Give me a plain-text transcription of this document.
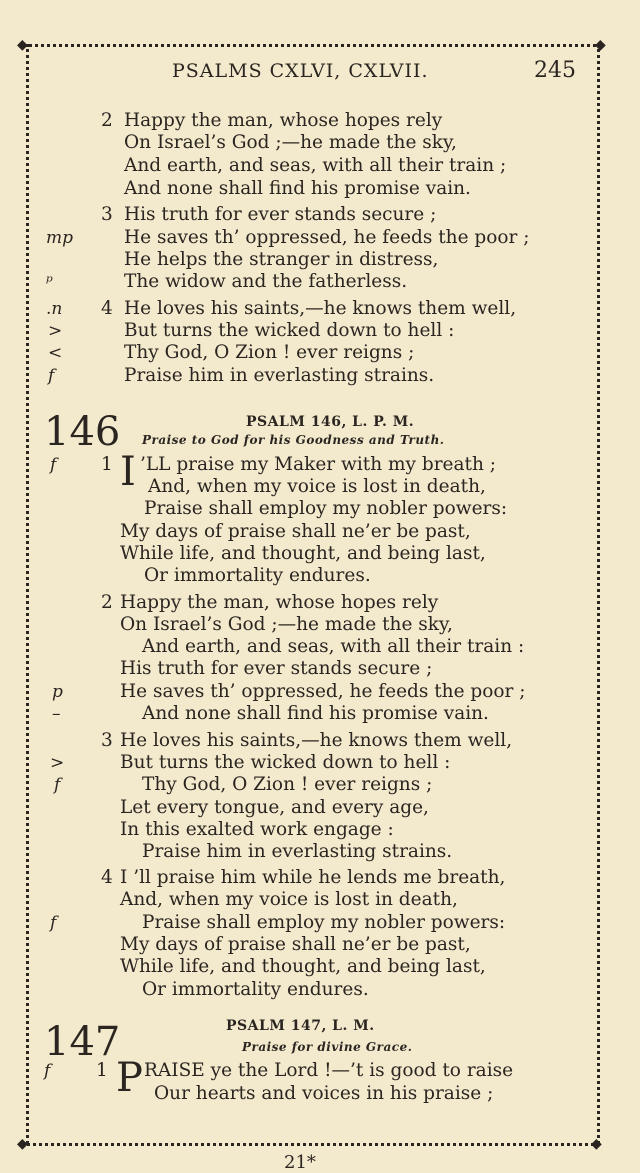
◆	◆
◆	◆
PSALMS CXLVI, CXLVII.	245
2 Happy the man, whose hopes rely
On Israel’s God ;—he made the sky,
And earth, and seas, with all their train ;
And none shall find his promise vain.
3 His truth for ever stands secure ;
mp	He saves th’ oppressed, he feeds the poor ;
He helps the stranger in distress,
ᵖ	The widow and the fatherless.
.n 4 He loves his saints,—he knows them well,
>	But turns the wicked down to hell :
<	Thy God, O Zion ! ever reigns ;
f	Praise him in everlasting strains.
146	PSALM 146, L. P. M.
Praise to God for his Goodness and Truth.
f 1 I ’LL praise my Maker with my breath ;
And, when my voice is lost in death,
Praise shall employ my nobler powers:
My days of praise shall ne’er be past,
While life, and thought, and being last,
Or immortality endures.
2 Happy the man, whose hopes rely
On Israel’s God ;—he made the sky,
And earth, and seas, with all their train :
His truth for ever stands secure ;
p	He saves th’ oppressed, he feeds the poor ;
–	And none shall find his promise vain.
3 He loves his saints,—he knows them well,
>	But turns the wicked down to hell :
f	Thy God, O Zion ! ever reigns ;
Let every tongue, and every age,
In this exalted work engage :
Praise him in everlasting strains.
4 I ’ll praise him while he lends me breath,
And, when my voice is lost in death,
f	Praise shall employ my nobler powers:
My days of praise shall ne’er be past,
While life, and thought, and being last,
Or immortality endures.
147	PSALM 147, L. M.
Praise for divine Grace.
f 1 P RAISE ye the Lord !—’t is good to raise
Our hearts and voices in his praise ;
21*
